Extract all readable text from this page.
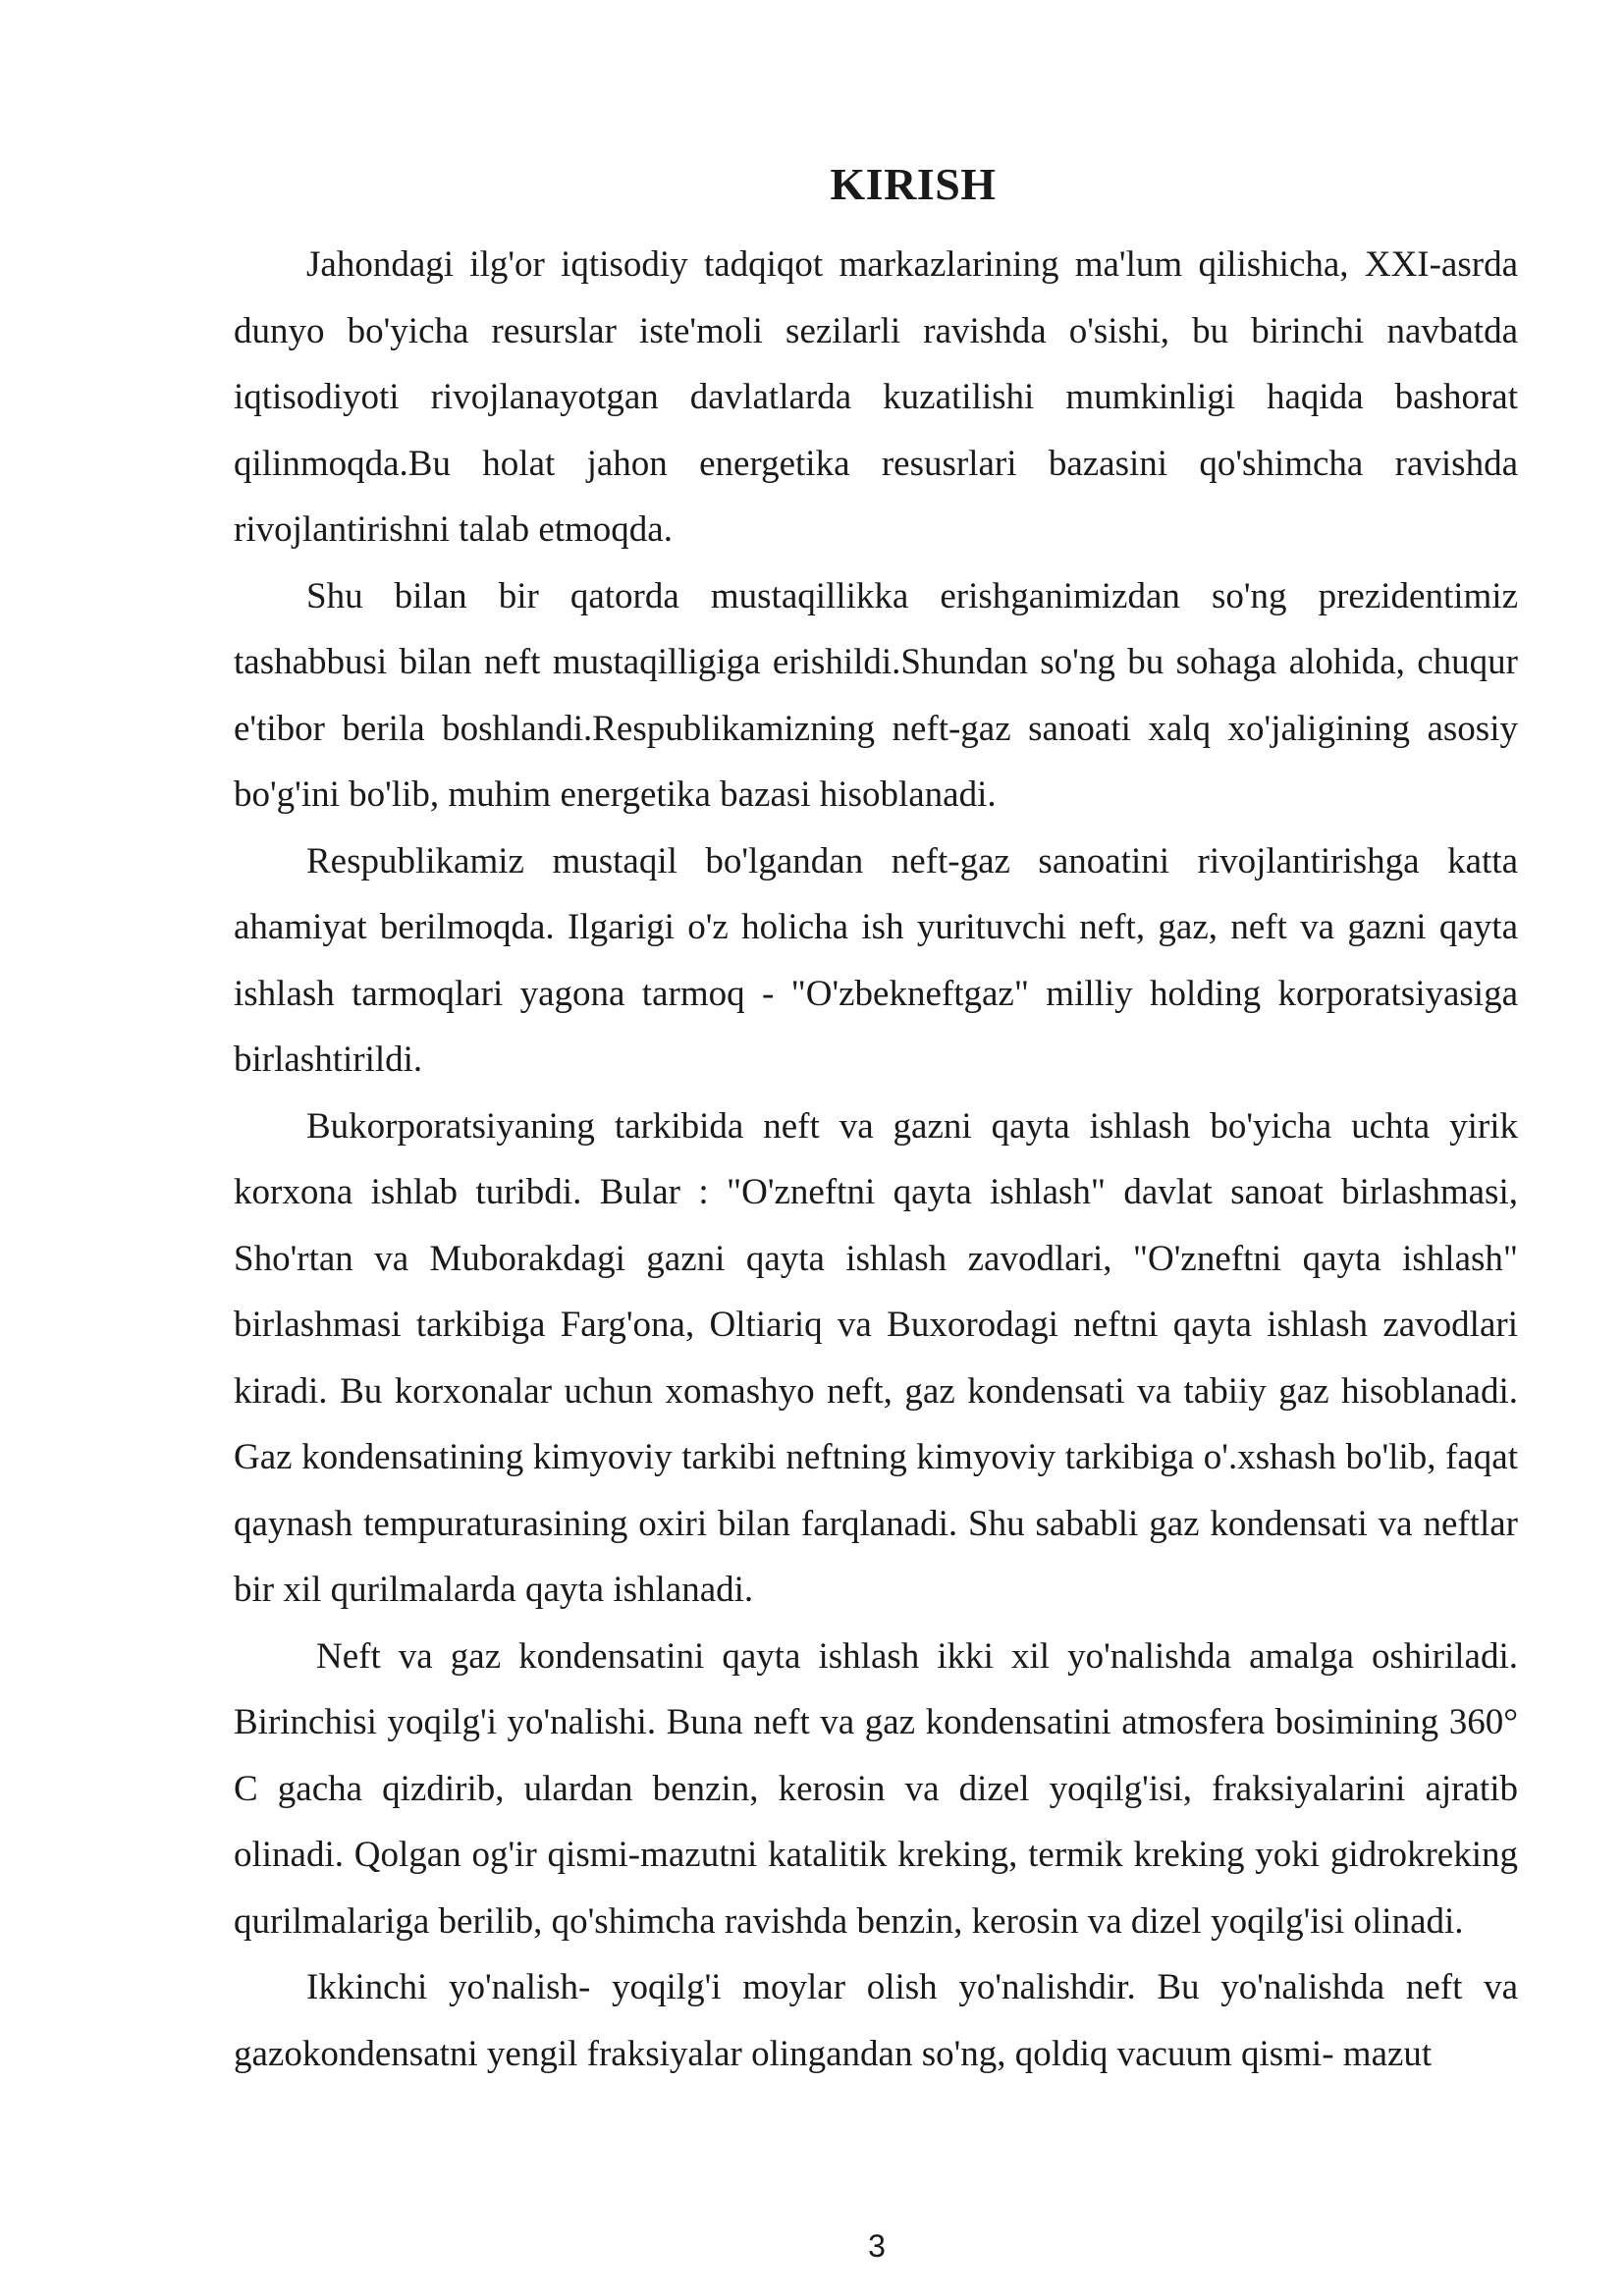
KIRISH

Jahondagi ilg'or iqtisodiy tadqiqot markazlarining ma'lum qilishicha, XXI-asrda dunyo bo'yicha resurslar iste'moli sezilarli ravishda o'sishi, bu birinchi navbatda iqtisodiyoti rivojlanayotgan davlatlarda kuzatilishi mumkinligi haqida bashorat qilinmoqda.Bu holat jahon energetika resusrlari bazasini qo'shimcha ravishda rivojlantirishni talab etmoqda.

Shu bilan bir qatorda mustaqillikka erishganimizdan so'ng prezidentimiz tashabbusi bilan neft mustaqilligiga erishildi.Shundan so'ng bu sohaga alohida, chuqur e'tibor berila boshlandi.Respublikamizning neft-gaz sanoati xalq xo'jaligining asosiy bo'g'ini bo'lib, muhim energetika bazasi hisoblanadi.

Respublikamiz mustaqil bo'lgandan neft-gaz sanoatini rivojlantirishga katta ahamiyat berilmoqda. Ilgarigi o'z holicha ish yurituvchi neft, gaz, neft va gazni qayta ishlash tarmoqlari yagona tarmoq - "O'zbekneftgaz" milliy holding korporatsiyasiga birlashtirildi.

Bukorporatsiyaning tarkibida neft va gazni qayta ishlash bo'yicha uchta yirik korxona ishlab turibdi. Bular : "O'zneftni qayta ishlash" davlat sanoat birlashmasi, Sho'rtan va Muborakdagi gazni qayta ishlash zavodlari, "O'zneftni qayta ishlash" birlashmasi tarkibiga Farg'ona, Oltiariq va Buxorodagi neftni qayta ishlash zavodlari kiradi. Bu korxonalar uchun xomashyo neft, gaz kondensati va tabiiy gaz hisoblanadi. Gaz kondensatining kimyoviy tarkibi neftning kimyoviy tarkibiga o'.xshash bo'lib, faqat qaynash tempuraturasining oxiri bilan farqlanadi. Shu sababli gaz kondensati va neftlar bir xil qurilmalarda qayta ishlanadi.

Neft va gaz kondensatini qayta ishlash ikki xil yo'nalishda amalga oshiriladi. Birinchisi yoqilg'i yo'nalishi. Buna neft va gaz kondensatini atmosfera bosimining 360° C gacha qizdirib, ulardan benzin, kerosin va dizel yoqilg'isi, fraksiyalarini ajratib olinadi. Qolgan og'ir qismi-mazutni katalitik kreking, termik kreking yoki gidrokreking qurilmalariga berilib, qo'shimcha ravishda benzin, kerosin va dizel yoqilg'isi olinadi.

Ikkinchi yo'nalish- yoqilg'i moylar olish yo'nalishdir. Bu yo'nalishda neft va gazokondensatni yengil fraksiyalar olingandan so'ng, qoldiq vacuum qismi- mazut

3
